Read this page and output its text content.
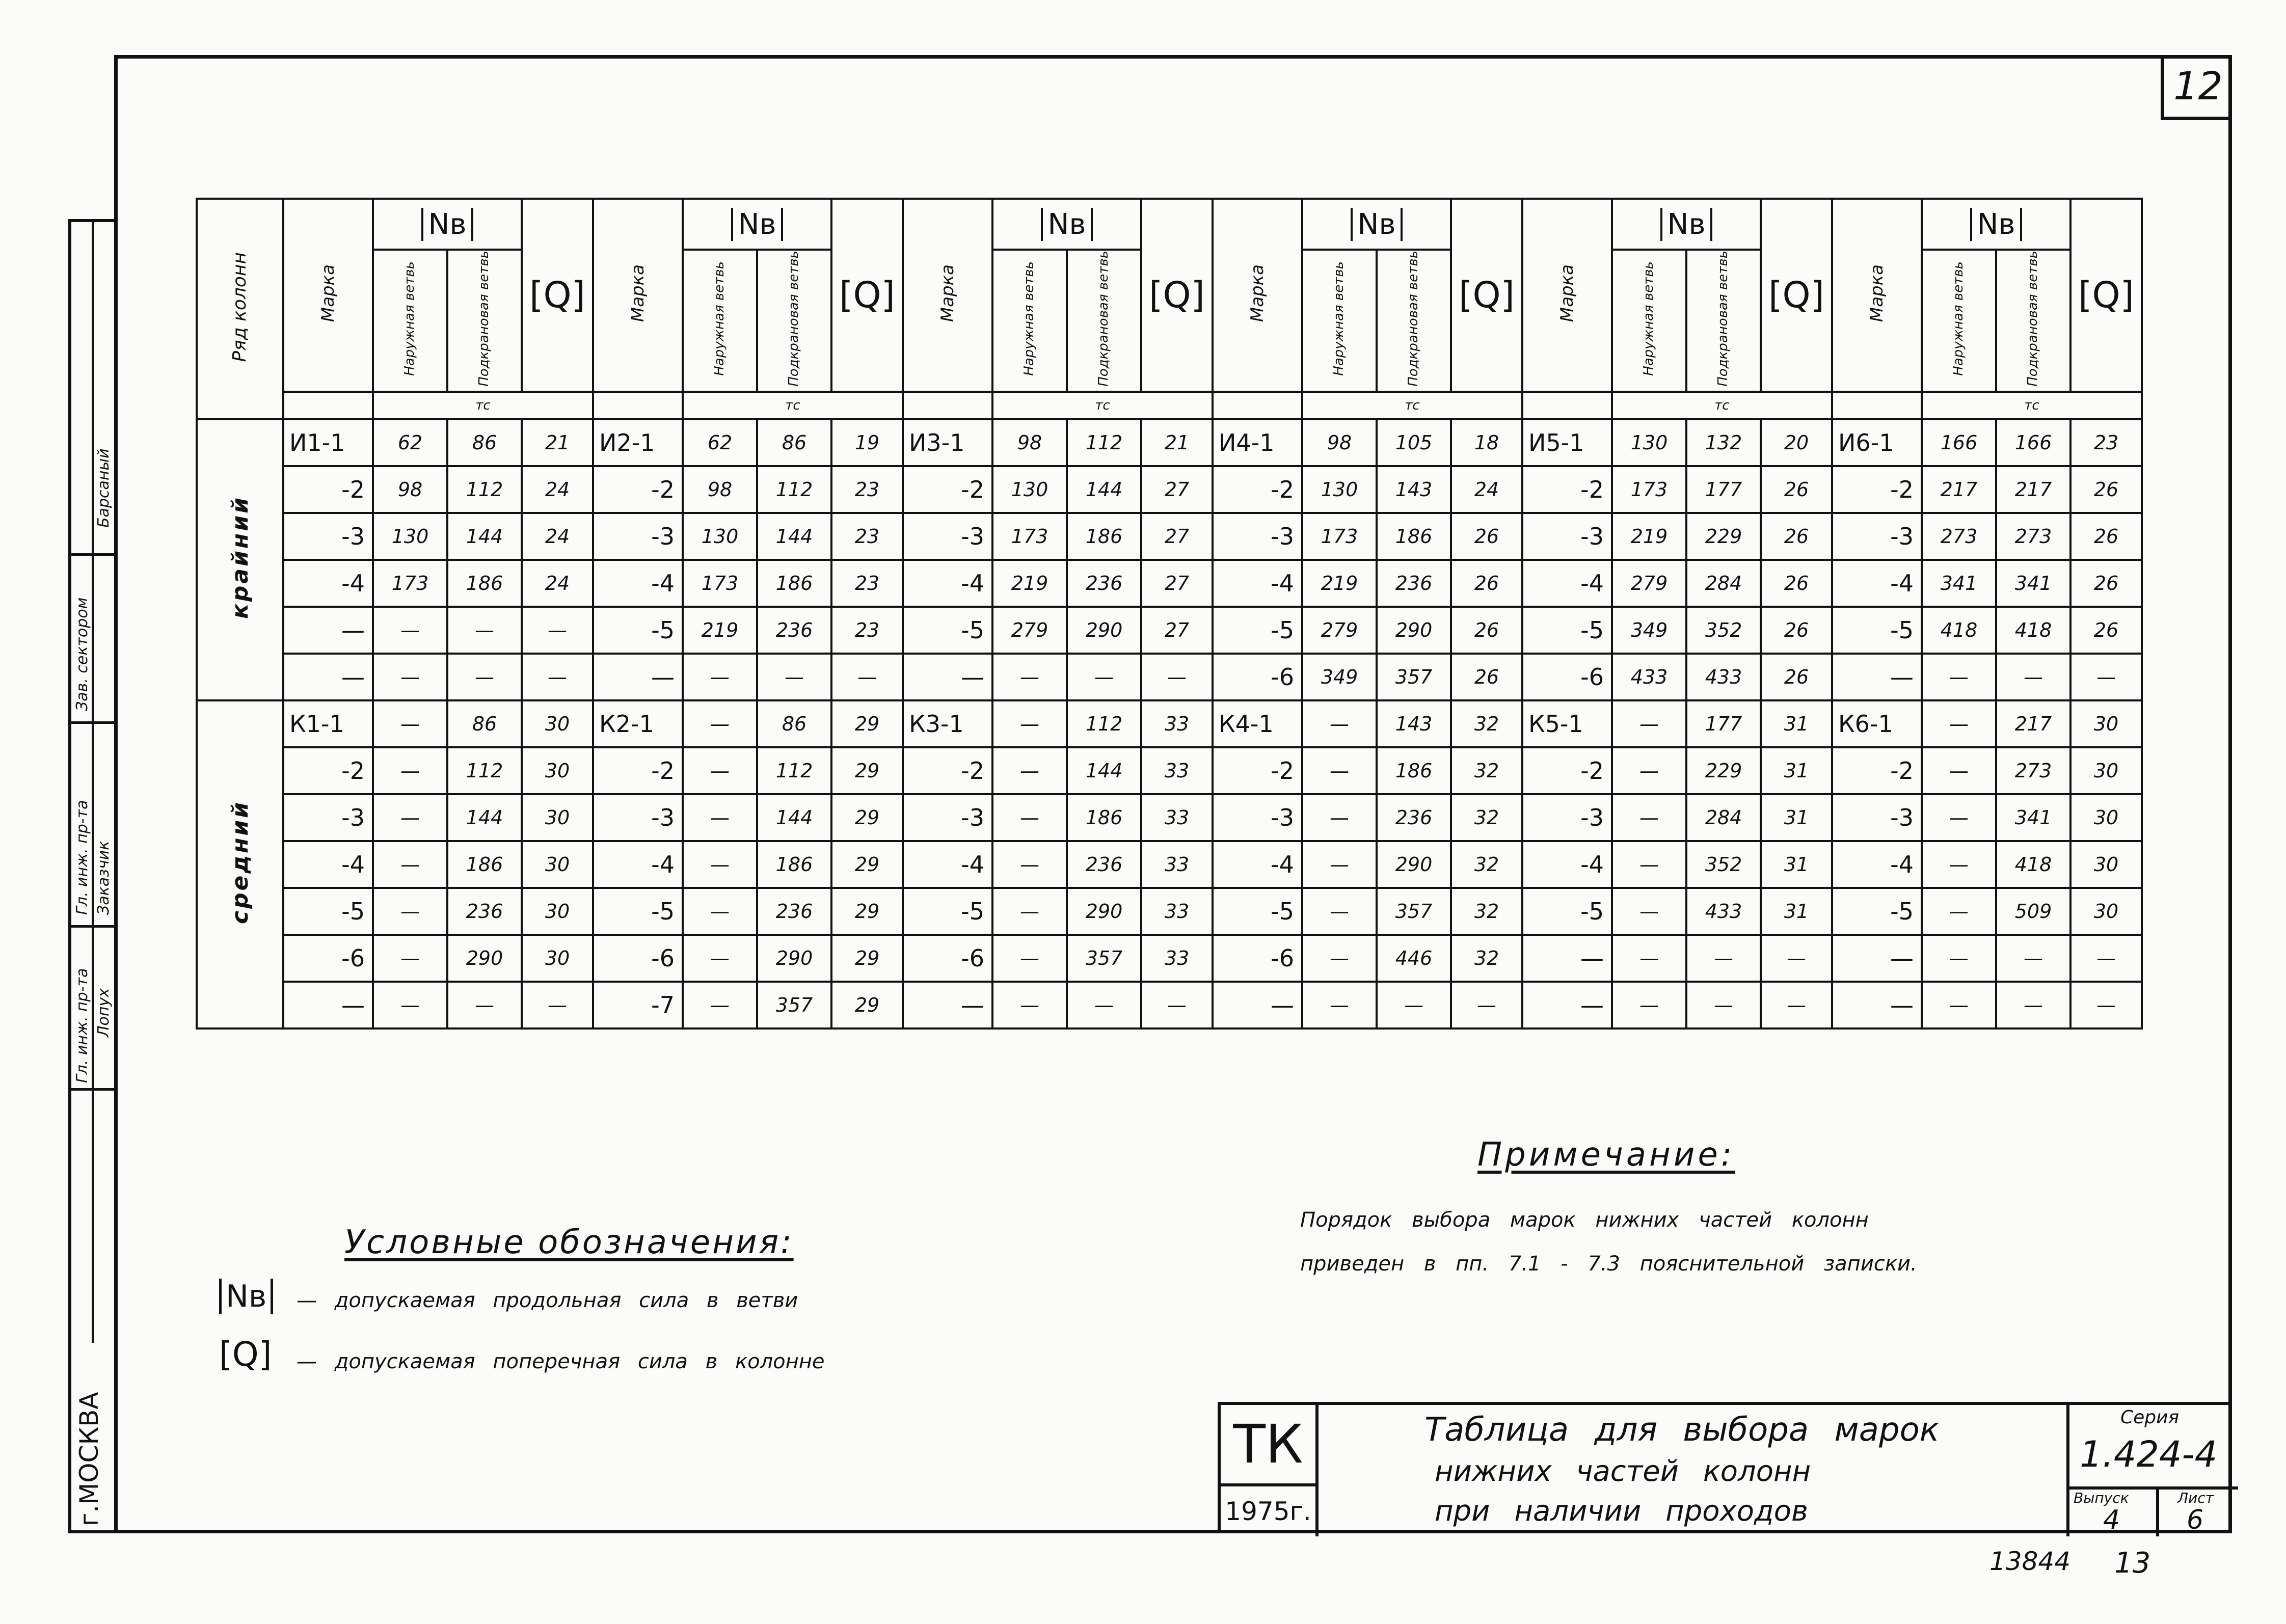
12
Гл. инж. пр-та Лопух
Зав. сектором
Барсаный
Гл. инж. пр-та Заказчик
г.МОСКВА
Ряд колонн	Марка	Nв		[Q]	Марка	Nв		[Q]	Марка	Nв		[Q]	Марка	Nв		[Q]	Марка	Nв		[Q]	Марка	Nв		[Q]
		Наружная ветвь	Подкрановая ветвь			Наружная ветвь	Подкрановая ветвь			Наружная ветвь	Подкрановая ветвь			Наружная ветвь	Подкрановая ветвь			Наружная ветвь	Подкрановая ветвь			Наружная ветвь	Подкрановая ветвь	
		тс				тс				тс				тс				тс				тс		
крайний	И1-1	62	86	21	И2-1	62	86	19	И3-1	98	112	21	И4-1	98	105	18	И5-1	130	132	20	И6-1	166	166	23
	-2	98	112	24	-2	98	112	23	-2	130	144	27	-2	130	143	24	-2	173	177	26	-2	217	217	26
	-3	130	144	24	-3	130	144	23	-3	173	186	27	-3	173	186	26	-3	219	229	26	-3	273	273	26
	-4	173	186	24	-4	173	186	23	-4	219	236	27	-4	219	236	26	-4	279	284	26	-4	341	341	26
	—	—	—	—	-5	219	236	23	-5	279	290	27	-5	279	290	26	-5	349	352	26	-5	418	418	26
	—	—	—	—	—	—	—	—	—	—	—	—	-6	349	357	26	-6	433	433	26	—	—	—	—
средний	К1-1	—	86	30	К2-1	—	86	29	К3-1	—	112	33	К4-1	—	143	32	К5-1	—	177	31	К6-1	—	217	30
	-2	—	112	30	-2	—	112	29	-2	—	144	33	-2	—	186	32	-2	—	229	31	-2	—	273	30
	-3	—	144	30	-3	—	144	29	-3	—	186	33	-3	—	236	32	-3	—	284	31	-3	—	341	30
	-4	—	186	30	-4	—	186	29	-4	—	236	33	-4	—	290	32	-4	—	352	31	-4	—	418	30
	-5	—	236	30	-5	—	236	29	-5	—	290	33	-5	—	357	32	-5	—	433	31	-5	—	509	30
	-6	—	290	30	-6	—	290	29	-6	—	357	33	-6	—	446	32	—	—	—	—	—	—	—	—
	—	—	—	—	-7	—	357	29	—	—	—	—	—	—	—	—	—	—	—	—	—	—	—	—
Условные обозначения:
Nв	— допускаемая продольная сила в ветви
[Q] — допускаемая поперечная сила в колонне
Примечание:
Порядок выбора марок нижних частей колонн
приведен в пп. 7.1 - 7.3 пояснительной записки.
ТК
1975г.
Таблица для выбора марок
нижних частей колонн
при наличии проходов
Серия
1.424-4
Выпуск
4
Лист
6
13844 13
